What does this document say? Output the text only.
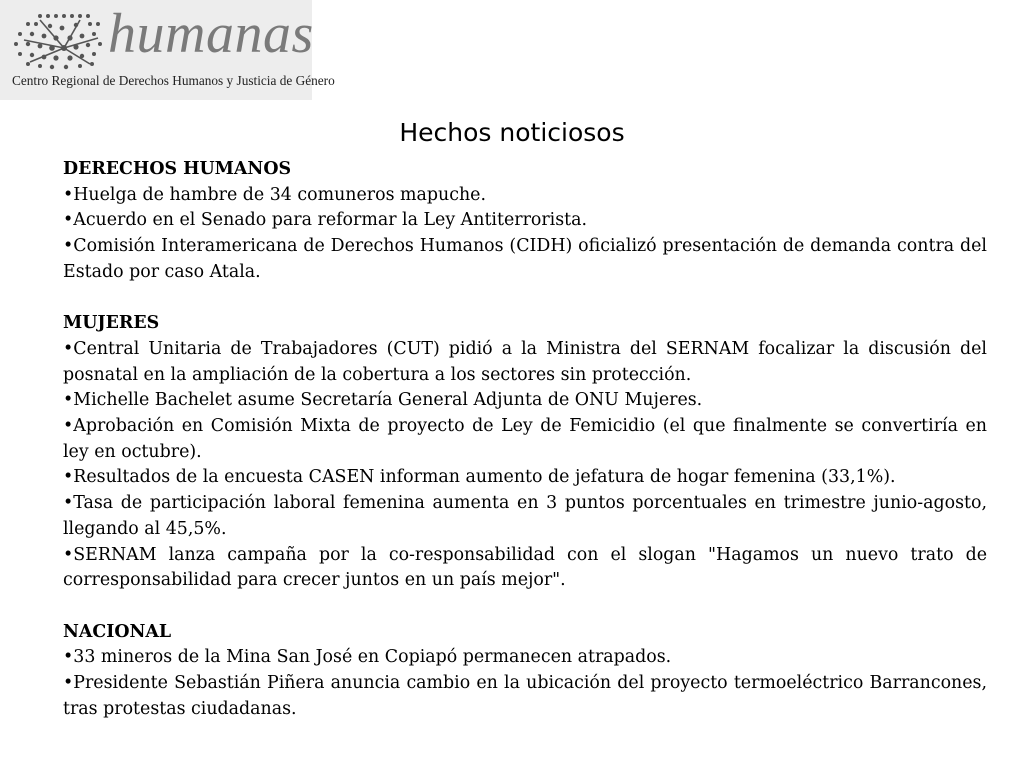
humanas
Centro Regional de Derechos Humanos y Justicia de Género
Hechos noticiosos

DERECHOS HUMANOS

•Huelga de hambre de 34 comuneros mapuche.

•Acuerdo en el Senado para reformar la Ley Antiterrorista.

•Comisión Interamericana de Derechos Humanos (CIDH) oficializó presentación de demanda contra del Estado por caso Atala.

MUJERES

•Central Unitaria de Trabajadores (CUT) pidió a la Ministra del SERNAM focalizar la discusión del posnatal en la ampliación de la cobertura a los sectores sin protección.

•Michelle Bachelet asume Secretaría General Adjunta de ONU Mujeres.

•Aprobación en Comisión Mixta de proyecto de Ley de Femicidio (el que finalmente se convertiría en ley en octubre).

•Resultados de la encuesta CASEN informan aumento de jefatura de hogar femenina (33,1%).

•Tasa de participación laboral femenina aumenta en 3 puntos porcentuales en trimestre junio-agosto, llegando al 45,5%.

•SERNAM lanza campaña por la co-responsabilidad con el slogan "Hagamos un nuevo trato de corresponsabilidad para crecer juntos en un país mejor".

NACIONAL

•33 mineros de la Mina San José en Copiapó permanecen atrapados.

•Presidente Sebastián Piñera anuncia cambio en la ubicación del proyecto termoeléctrico Barrancones, tras protestas ciudadanas.
